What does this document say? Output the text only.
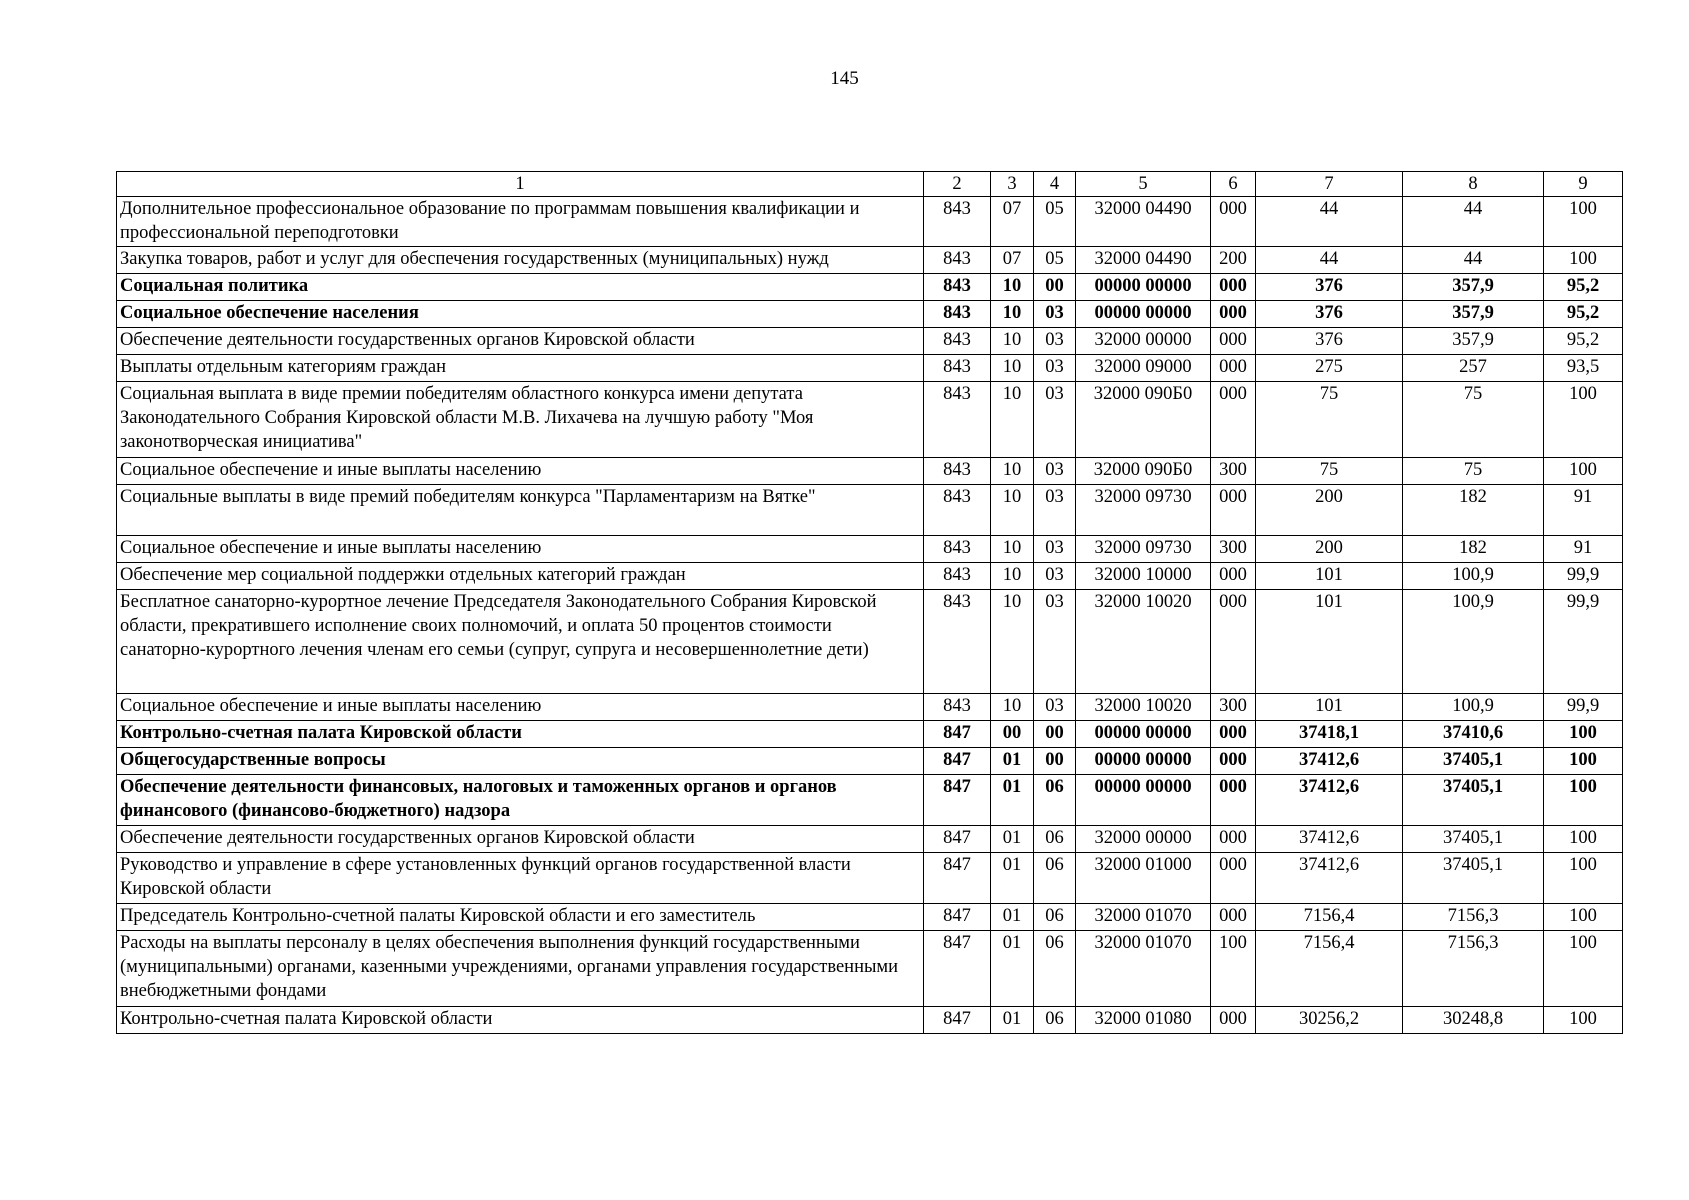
145
1	2	3	4	5	6	7	8	9
Дополнительное профессиональное образование по программам повышения квалификации и профессиональной переподготовки	843	07	05	32000 04490	000	44	44	100
Закупка товаров, работ и услуг для обеспечения государственных (муниципальных) нужд	843	07	05	32000 04490	200	44	44	100
Социальная политика	843	10	00	00000 00000	000	376	357,9	95,2
Социальное обеспечение населения	843	10	03	00000 00000	000	376	357,9	95,2
Обеспечение деятельности государственных органов Кировской области	843	10	03	32000 00000	000	376	357,9	95,2
Выплаты отдельным категориям граждан	843	10	03	32000 09000	000	275	257	93,5
Социальная выплата в виде премии победителям областного конкурса имени депутата Законодательного Собрания Кировской области М.В. Лихачева на лучшую работу "Моя законотворческая инициатива"	843	10	03	32000 090Б0	000	75	75	100
Социальное обеспечение и иные выплаты населению	843	10	03	32000 090Б0	300	75	75	100
Социальные выплаты в виде премий победителям конкурса "Парламентаризм на Вятке"	843	10	03	32000 09730	000	200	182	91
Социальное обеспечение и иные выплаты населению	843	10	03	32000 09730	300	200	182	91
Обеспечение мер социальной поддержки отдельных категорий граждан	843	10	03	32000 10000	000	101	100,9	99,9
Бесплатное санаторно-курортное лечение Председателя Законодательного Собрания Кировской области, прекратившего исполнение своих полномочий, и оплата 50 процентов стоимости санаторно-курортного лечения членам его семьи (супруг, супруга и несовершеннолетние дети)	843	10	03	32000 10020	000	101	100,9	99,9
Социальное обеспечение и иные выплаты населению	843	10	03	32000 10020	300	101	100,9	99,9
Контрольно-счетная палата Кировской области	847	00	00	00000 00000	000	37418,1	37410,6	100
Общегосударственные вопросы	847	01	00	00000 00000	000	37412,6	37405,1	100
Обеспечение деятельности финансовых, налоговых и таможенных органов и органов финансового (финансово-бюджетного) надзора	847	01	06	00000 00000	000	37412,6	37405,1	100
Обеспечение деятельности государственных органов Кировской области	847	01	06	32000 00000	000	37412,6	37405,1	100
Руководство и управление в сфере установленных функций органов государственной власти Кировской области	847	01	06	32000 01000	000	37412,6	37405,1	100
Председатель Контрольно-счетной палаты Кировской области и его заместитель	847	01	06	32000 01070	000	7156,4	7156,3	100
Расходы на выплаты персоналу в целях обеспечения выполнения функций государственными (муниципальными) органами, казенными учреждениями, органами управления государственными внебюджетными фондами	847	01	06	32000 01070	100	7156,4	7156,3	100
Контрольно-счетная палата Кировской области	847	01	06	32000 01080	000	30256,2	30248,8	100
